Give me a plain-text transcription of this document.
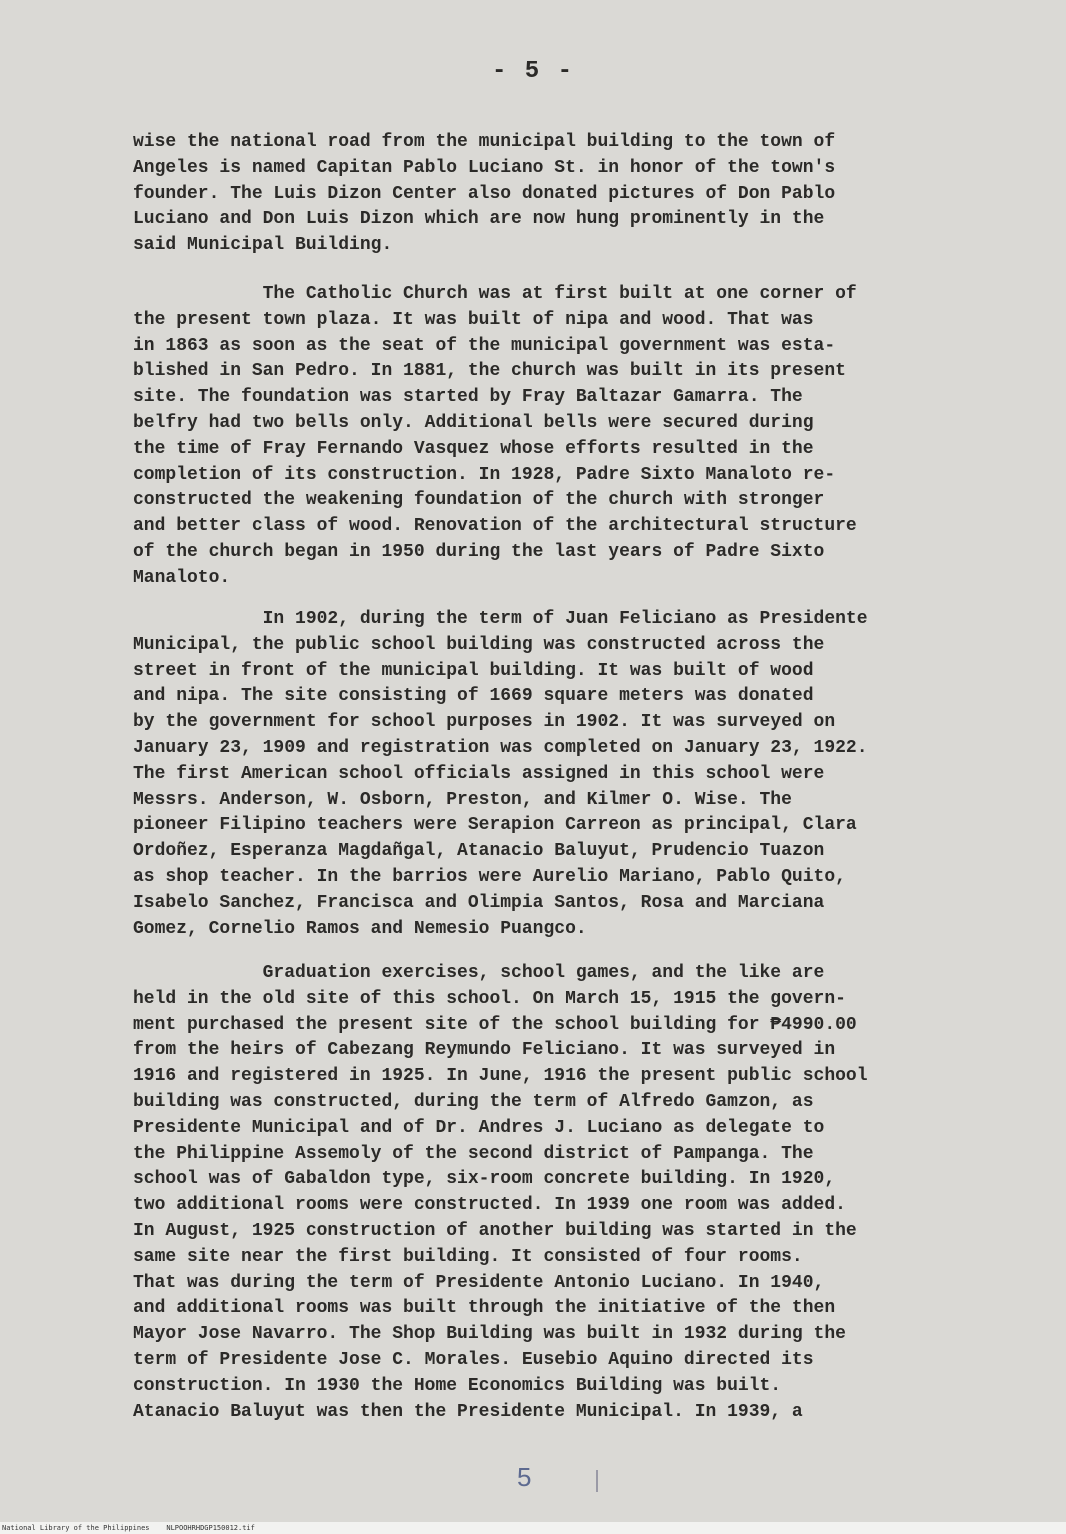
- 5 -
wise the national road from the municipal building to the town of
Angeles is named Capitan Pablo Luciano St. in honor of the town's
founder. The Luis Dizon Center also donated pictures of Don Pablo
Luciano and Don Luis Dizon which are now hung prominently in the
said Municipal Building.
The Catholic Church was at first built at one corner of
the present town plaza. It was built of nipa and wood. That was
in 1863 as soon as the seat of the municipal government was esta-
blished in San Pedro. In 1881, the church was built in its present
site. The foundation was started by Fray Baltazar Gamarra. The
belfry had two bells only. Additional bells were secured during
the time of Fray Fernando Vasquez whose efforts resulted in the
completion of its construction. In 1928, Padre Sixto Manaloto re-
constructed the weakening foundation of the church with stronger
and better class of wood. Renovation of the architectural structure
of the church began in 1950 during the last years of Padre Sixto
Manaloto.
In 1902, during the term of Juan Feliciano as Presidente
Municipal, the public school building was constructed across the
street in front of the municipal building. It was built of wood
and nipa. The site consisting of 1669 square meters was donated
by the government for school purposes in 1902. It was surveyed on
January 23, 1909 and registration was completed on January 23, 1922.
The first American school officials assigned in this school were
Messrs. Anderson, W. Osborn, Preston, and Kilmer O. Wise. The
pioneer Filipino teachers were Serapion Carreon as principal, Clara
Ordoñez, Esperanza Magdañgal, Atanacio Baluyut, Prudencio Tuazon
as shop teacher. In the barrios were Aurelio Mariano, Pablo Quito,
Isabelo Sanchez, Francisca and Olimpia Santos, Rosa and Marciana
Gomez, Cornelio Ramos and Nemesio Puangco.
Graduation exercises, school games, and the like are
held in the old site of this school. On March 15, 1915 the govern-
ment purchased the present site of the school building for ₱4990.00
from the heirs of Cabezang Reymundo Feliciano. It was surveyed in
1916 and registered in 1925. In June, 1916 the present public school
building was constructed, during the term of Alfredo Gamzon, as
Presidente Municipal and of Dr. Andres J. Luciano as delegate to
the Philippine Assemoly of the second district of Pampanga. The
school was of Gabaldon type, six-room concrete building. In 1920,
two additional rooms were constructed. In 1939 one room was added.
In August, 1925 construction of another building was started in the
same site near the first building. It consisted of four rooms.
That was during the term of Presidente Antonio Luciano. In 1940,
and additional rooms was built through the initiative of the then
Mayor Jose Navarro. The Shop Building was built in 1932 during the
term of Presidente Jose C. Morales. Eusebio Aquino directed its
construction. In 1930 the Home Economics Building was built.
Atanacio Baluyut was then the Presidente Municipal. In 1939, a
5
National Library of the Philippines    NLPOOHRHDGP150012.tif
